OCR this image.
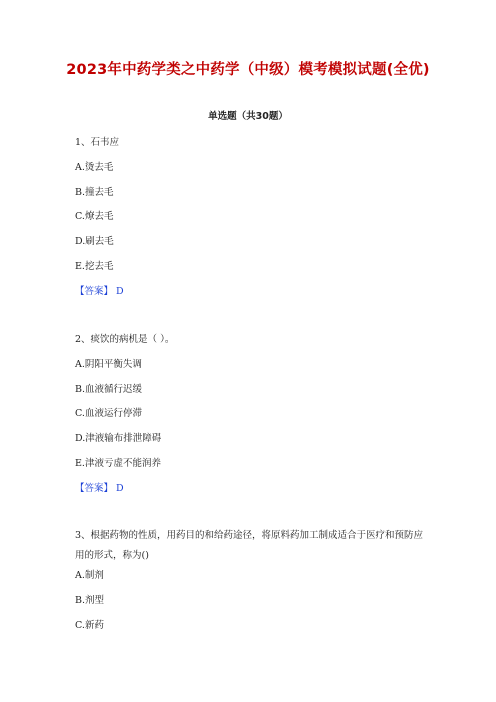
2023年中药学类之中药学（中级）模考模拟试题(全优)
单选题（共30题）
1、石韦应
A.烫去毛
B.撞去毛
C.燎去毛
D.刷去毛
E.挖去毛
【答案】 D
2、痰饮的病机是（ ）。
A.阴阳平衡失调
B.血液循行迟缓
C.血液运行停滞
D.津液输布排泄障碍
E.津液亏虚不能润养
【答案】 D
3、根据药物的性质，用药目的和给药途径，将原料药加工制成适合于医疗和预防应用的形式，称为()
A.制剂
B.剂型
C.新药
